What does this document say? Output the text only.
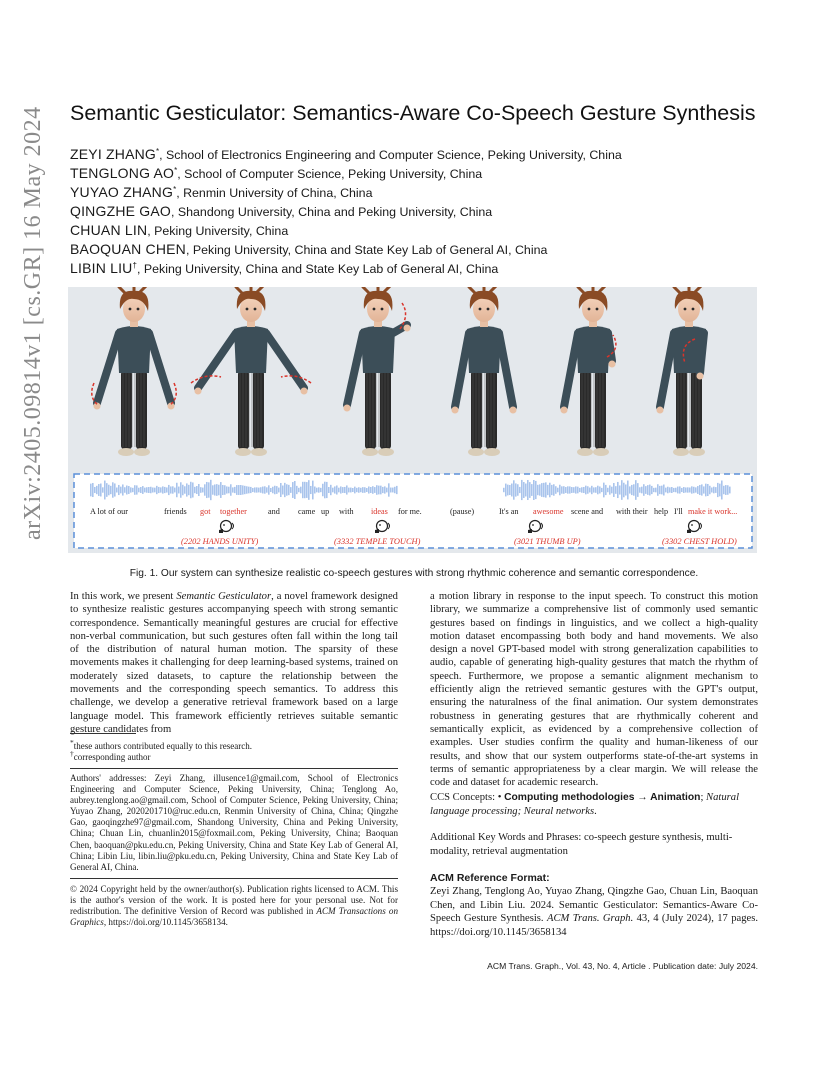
arXiv:2405.09814v1 [cs.GR] 16 May 2024 Semantic Gesticulator: Semantics-Aware Co-Speech Gesture Synthesis
ZEYI ZHANG*, School of Electronics Engineering and Computer Science, Peking University, China
TENGLONG AO*, School of Computer Science, Peking University, China
YUYAO ZHANG*, Renmin University of China, China
QINGZHE GAO, Shandong University, China and Peking University, China
CHUAN LIN, Peking University, China
BAOQUAN CHEN, Peking University, China and State Key Lab of General AI, China
LIBIN LIU†, Peking University, China and State Key Lab of General AI, China
A lot of our	friends got together	and came up with ideas for me.	(pause)	It's an awesome scene and with their help I'll make it work...
(2202 HANDS UNITY)	(3332 TEMPLE TOUCH)	(3021 THUMB UP)	(3302 CHEST HOLD)
Fig. 1. Our system can synthesize realistic co-speech gestures with strong rhythmic coherence and semantic correspondence.
In this work, we present Semantic Gesticulator, a novel framework designed to synthesize realistic gestures accompanying speech with strong semantic correspondence. Semantically meaningful gestures are crucial for effective non-verbal communication, but such gestures often fall within the long tail of the distribution of natural human motion. The sparsity of these movements makes it challenging for deep learning-based systems, trained on moderately sized datasets, to capture the relationship between the movements and the corresponding speech semantics. To address this challenge, we develop a generative retrieval framework based on a large language model. This framework efficiently retrieves suitable semantic gesture candidates from
a motion library in response to the input speech. To construct this motion library, we summarize a comprehensive list of commonly used semantic gestures based on findings in linguistics, and we collect a high-quality motion dataset encompassing both body and hand movements. We also design a novel GPT-based model with strong generalization capabilities to audio, capable of generating high-quality gestures that match the rhythm of speech. Furthermore, we propose a semantic alignment mechanism to efficiently align the retrieved semantic gestures with the GPT's output, ensuring the naturalness of the final animation. Our system demonstrates robustness in generating gestures that are rhythmically coherent and semantically explicit, as evidenced by a comprehensive collection of examples. User studies confirm the quality and human-likeness of our results, and show that our system outperforms state-of-the-art systems in terms of semantic appropriateness by a clear margin. We will release the code and dataset for academic research.
*these authors contributed equally to this research.
†corresponding author
Authors' addresses: Zeyi Zhang, illusence1@gmail.com, School of Electronics Engineering and Computer Science, Peking University, China; Tenglong Ao, aubrey.tenglong.ao@gmail.com, School of Computer Science, Peking University, China; Yuyao Zhang, 2020201710@ruc.edu.cn, Renmin University of China, China; Qingzhe Gao, gaoqingzhe97@gmail.com, Shandong University, China and Peking University, China; Chuan Lin, chuanlin2015@foxmail.com, Peking University, China; Baoquan Chen, baoquan@pku.edu.cn, Peking University, China and State Key Lab of General AI, China; Libin Liu, libin.liu@pku.edu.cn, Peking University, China and State Key Lab of General AI, China.
© 2024 Copyright held by the owner/author(s). Publication rights licensed to ACM. This is the author's version of the work. It is posted here for your personal use. Not for redistribution. The definitive Version of Record was published in ACM Transactions on Graphics, https://doi.org/10.1145/3658134.
CCS Concepts: • Computing methodologies → Animation; Natural language processing; Neural networks.
Additional Key Words and Phrases: co-speech gesture synthesis, multi-modality, retrieval augmentation
ACM Reference Format:
Zeyi Zhang, Tenglong Ao, Yuyao Zhang, Qingzhe Gao, Chuan Lin, Baoquan Chen, and Libin Liu. 2024. Semantic Gesticulator: Semantics-Aware Co-Speech Gesture Synthesis. ACM Trans. Graph. 43, 4 (July 2024), 17 pages. https://doi.org/10.1145/3658134
ACM Trans. Graph., Vol. 43, No. 4, Article . Publication date: July 2024.
